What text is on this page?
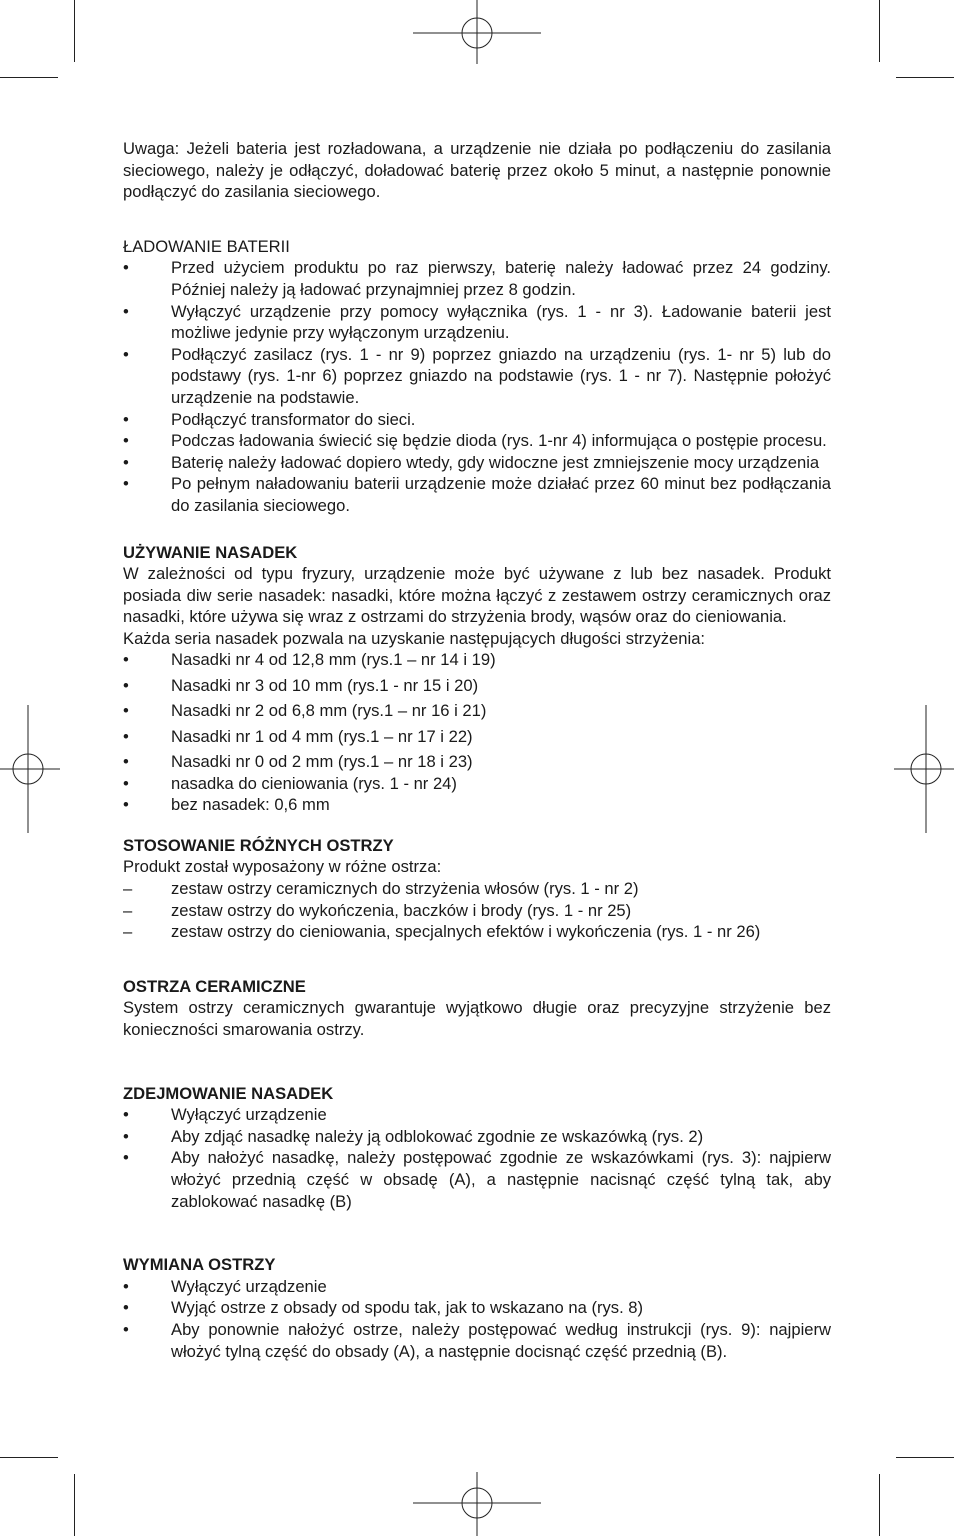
Uwaga: Jeżeli bateria jest rozładowana, a urządzenie nie działa po podłączeniu do zasilania sieciowego, należy je odłączyć, doładować baterię przez około 5 minut, a następnie ponownie podłączyć do zasilania sieciowego.

ŁADOWANIE BATERII
•	Przed użyciem produktu po raz pierwszy, baterię należy ładować przez 24 godziny. Później należy ją ładować przynajmniej przez 8 godzin.
•	Wyłączyć urządzenie przy pomocy wyłącznika (rys. 1 - nr 3). Ładowanie baterii jest możliwe jedynie przy wyłączonym urządzeniu.
•	Podłączyć zasilacz (rys. 1 - nr 9) poprzez gniazdo na urządzeniu (rys. 1- nr 5) lub do podstawy (rys. 1-nr 6) poprzez gniazdo na podstawie (rys. 1 - nr 7). Następnie położyć urządzenie na podstawie.
•	Podłączyć transformator do sieci.
•	Podczas ładowania świecić się będzie dioda (rys. 1-nr 4) informująca o postępie procesu.
•	Baterię należy ładować dopiero wtedy, gdy widoczne jest zmniejszenie mocy urządzenia
•	Po pełnym naładowaniu baterii urządzenie może działać przez 60 minut bez podłączania do zasilania sieciowego.
UŻYWANIE NASADEK

W zależności od typu fryzury, urządzenie może być używane z lub bez nasadek. Produkt posiada diw serie nasadek: nasadki, które można łączyć z zestawem ostrzy ceramicznych oraz nasadki, które używa się wraz z ostrzami do strzyżenia brody, wąsów oraz do cieniowania.

Każda seria nasadek pozwala na uzyskanie następujących długości strzyżenia:

•	Nasadki nr 4 od 12,8 mm (rys.1 – nr 14 i 19)
•	Nasadki nr 3 od 10 mm (rys.1 - nr 15 i 20)
•	Nasadki nr 2 od 6,8 mm (rys.1 – nr 16 i 21)
•	Nasadki nr 1 od 4 mm (rys.1 – nr 17 i 22)
•	Nasadki nr 0 od 2 mm (rys.1 – nr 18 i 23)
•	nasadka do cieniowania (rys. 1 - nr 24)
•	bez nasadek: 0,6 mm
STOSOWANIE RÓŻNYCH OSTRZY

Produkt został wyposażony w różne ostrza:

– zestaw ostrzy ceramicznych do strzyżenia włosów (rys. 1 - nr 2)
– zestaw ostrzy do wykończenia, baczków i brody (rys. 1 - nr 25)
– zestaw ostrzy do cieniowania, specjalnych efektów i wykończenia (rys. 1 - nr 26)
OSTRZA CERAMICZNE

System ostrzy ceramicznych gwarantuje wyjątkowo długie oraz precyzyjne strzyżenie bez konieczności smarowania ostrzy.

ZDEJMOWANIE NASADEK
•	Wyłączyć urządzenie
•	Aby zdjąć nasadkę należy ją odblokować zgodnie ze wskazówką (rys. 2)
•	Aby nałożyć nasadkę, należy postępować zgodnie ze wskazówkami (rys. 3): najpierw włożyć przednią część w obsadę (A), a następnie nacisnąć część tylną tak, aby zablokować nasadkę (B)
WYMIANA OSTRZY
•	Wyłączyć urządzenie
•	Wyjąć ostrze z obsady od spodu tak, jak to wskazano na (rys. 8)
•	Aby ponownie nałożyć ostrze, należy postępować według instrukcji (rys. 9): najpierw włożyć tylną część do obsady (A), a następnie docisnąć część przednią (B).
